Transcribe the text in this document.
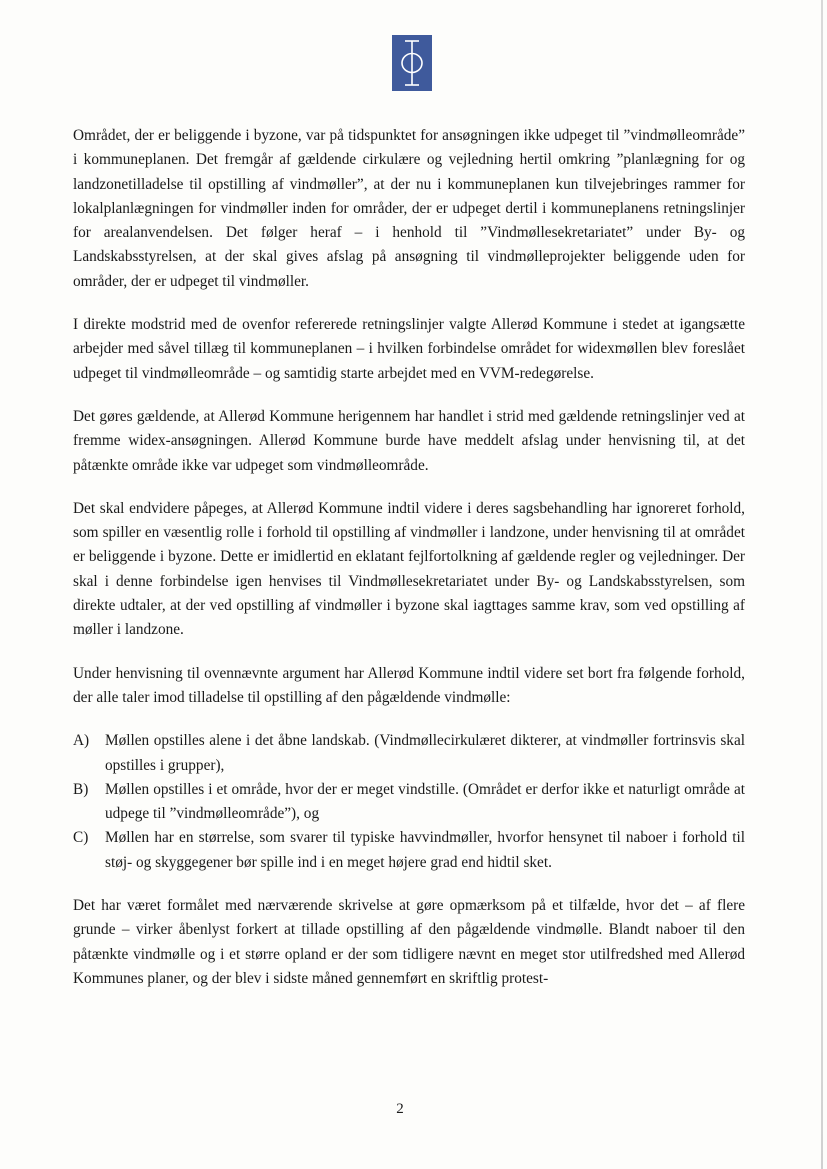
Området, der er beliggende i byzone, var på tidspunktet for ansøgningen ikke udpeget til ”vindmølleområde” i kommuneplanen. Det fremgår af gældende cirkulære og vejledning hertil omkring ”planlægning for og landzonetilladelse til opstilling af vindmøller”, at der nu i kommuneplanen kun tilvejebringes rammer for lokalplanlægningen for vindmøller inden for områder, der er udpeget dertil i kommuneplanens retningslinjer for arealanvendelsen. Det følger heraf – i henhold til ”Vindmøllesekretariatet” under By- og Landskabsstyrelsen, at der skal gives afslag på ansøgning til vindmølleprojekter beliggende uden for områder, der er udpeget til vindmøller.

I direkte modstrid med de ovenfor refererede retningslinjer valgte Allerød Kommune i stedet at igangsætte arbejder med såvel tillæg til kommuneplanen – i hvilken forbindelse området for widexmøllen blev foreslået udpeget til vindmølleområde – og samtidig starte arbejdet med en VVM-redegørelse.

Det gøres gældende, at Allerød Kommune herigennem har handlet i strid med gældende retningslinjer ved at fremme widex-ansøgningen. Allerød Kommune burde have meddelt afslag under henvisning til, at det påtænkte område ikke var udpeget som vindmølleområde.

Det skal endvidere påpeges, at Allerød Kommune indtil videre i deres sagsbehandling har ignoreret forhold, som spiller en væsentlig rolle i forhold til opstilling af vindmøller i landzone, under henvisning til at området er beliggende i byzone. Dette er imidlertid en eklatant fejlfortolkning af gældende regler og vejledninger. Der skal i denne forbindelse igen henvises til Vindmøllesekretariatet under By- og Landskabsstyrelsen, som direkte udtaler, at der ved opstilling af vindmøller i byzone skal iagttages samme krav, som ved opstilling af møller i landzone.

Under henvisning til ovennævnte argument har Allerød Kommune indtil videre set bort fra følgende forhold, der alle taler imod tilladelse til opstilling af den pågældende vindmølle:

A) Møllen opstilles alene i det åbne landskab. (Vindmøllecirkulæret dikterer, at vindmøller fortrinsvis skal opstilles i grupper),
B) Møllen opstilles i et område, hvor der er meget vindstille. (Området er derfor ikke et naturligt område at udpege til ”vindmølleområde”), og
C) Møllen har en størrelse, som svarer til typiske havvindmøller, hvorfor hensynet til naboer i forhold til støj- og skyggegener bør spille ind i en meget højere grad end hidtil sket.

Det har været formålet med nærværende skrivelse at gøre opmærksom på et tilfælde, hvor det – af flere grunde – virker åbenlyst forkert at tillade opstilling af den pågældende vindmølle. Blandt naboer til den påtænkte vindmølle og i et større opland er der som tidligere nævnt en meget stor utilfredshed med Allerød Kommunes planer, og der blev i sidste måned gennemført en skriftlig protest-

2
